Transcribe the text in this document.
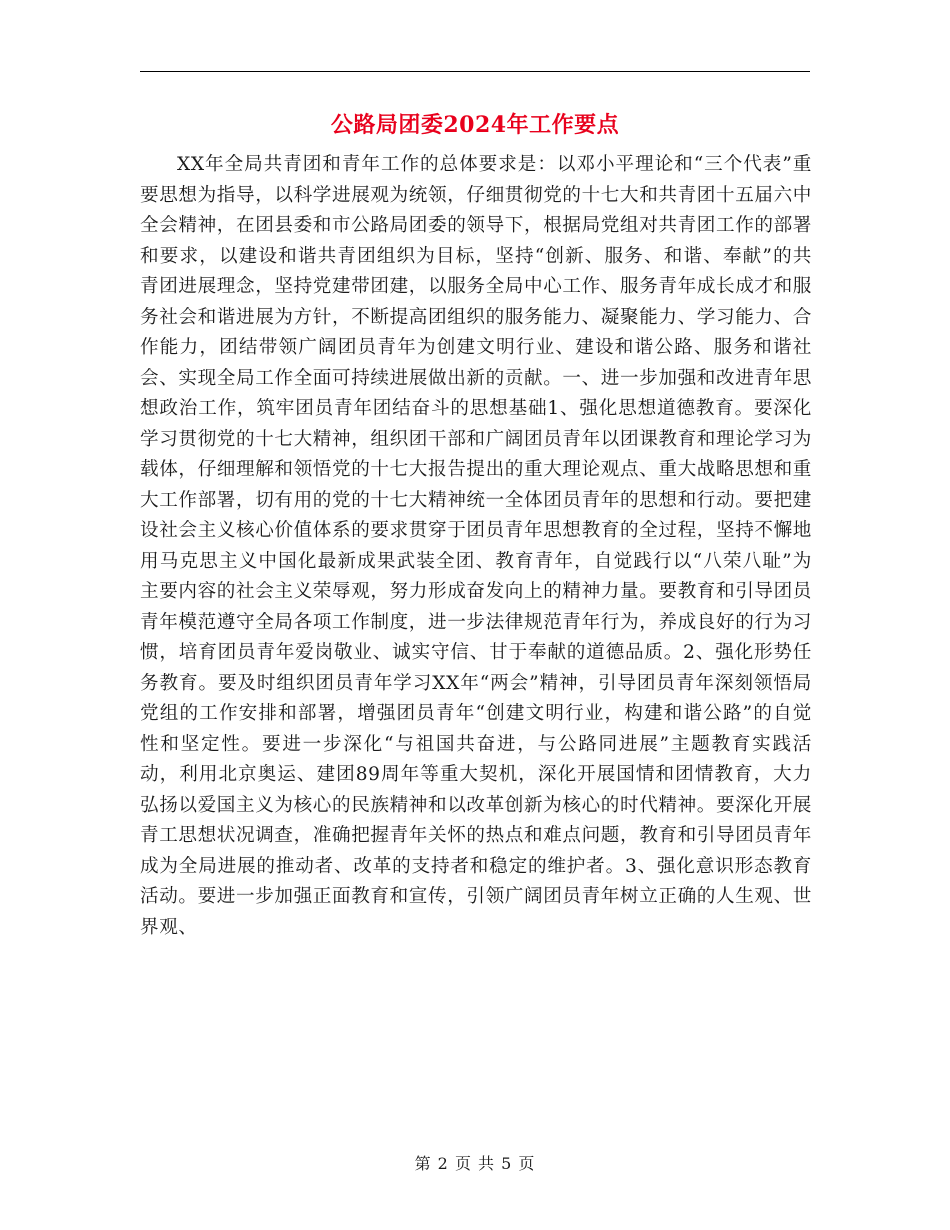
公路局团委2024年工作要点

XX年全局共青团和青年工作的总体要求是：以邓小平理论和“三个代表”重要思想为指导，以科学进展观为统领，仔细贯彻党的十七大和共青团十五届六中全会精神，在团县委和市公路局团委的领导下，根据局党组对共青团工作的部署和要求，以建设和谐共青团组织为目标，坚持“创新、服务、和谐、奉献”的共青团进展理念，坚持党建带团建，以服务全局中心工作、服务青年成长成才和服务社会和谐进展为方针，不断提高团组织的服务能力、凝聚能力、学习能力、合作能力，团结带领广阔团员青年为创建文明行业、建设和谐公路、服务和谐社会、实现全局工作全面可持续进展做出新的贡献。一、进一步加强和改进青年思想政治工作，筑牢团员青年团结奋斗的思想基础1、强化思想道德教育。要深化学习贯彻党的十七大精神，组织团干部和广阔团员青年以团课教育和理论学习为载体，仔细理解和领悟党的十七大报告提出的重大理论观点、重大战略思想和重大工作部署，切有用的党的十七大精神统一全体团员青年的思想和行动。要把建设社会主义核心价值体系的要求贯穿于团员青年思想教育的全过程，坚持不懈地用马克思主义中国化最新成果武装全团、教育青年，自觉践行以“八荣八耻”为主要内容的社会主义荣辱观，努力形成奋发向上的精神力量。要教育和引导团员青年模范遵守全局各项工作制度，进一步法律规范青年行为，养成良好的行为习惯，培育团员青年爱岗敬业、诚实守信、甘于奉献的道德品质。2、强化形势任务教育。要及时组织团员青年学习XX年“两会”精神，引导团员青年深刻领悟局党组的工作安排和部署，增强团员青年“创建文明行业，构建和谐公路”的自觉性和坚定性。要进一步深化“与祖国共奋进，与公路同进展”主题教育实践活动，利用北京奥运、建团89周年等重大契机，深化开展国情和团情教育，大力弘扬以爱国主义为核心的民族精神和以改革创新为核心的时代精神。要深化开展青工思想状况调查，准确把握青年关怀的热点和难点问题，教育和引导团员青年成为全局进展的推动者、改革的支持者和稳定的维护者。3、强化意识形态教育活动。要进一步加强正面教育和宣传，引领广阔团员青年树立正确的人生观、世界观、

第 2 页 共 5 页
